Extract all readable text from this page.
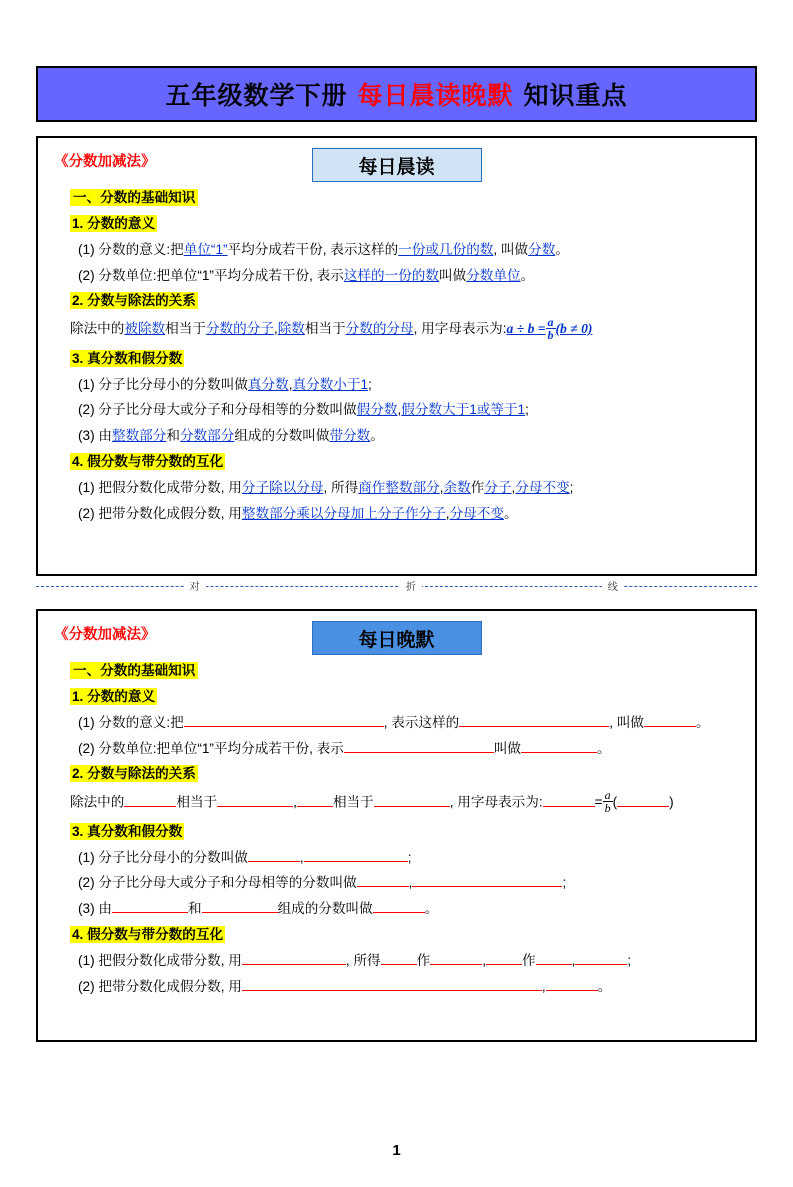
五年级数学下册 每日晨读晚默 知识重点
《分数加减法》	每日晨读
一、分数的基础知识
1. 分数的意义
(1) 分数的意义:把单位“1”平均分成若干份, 表示这样的一份或几份的数, 叫做分数。
(2) 分数单位:把单位“1”平均分成若干份, 表示这样的一份的数叫做分数单位。
2. 分数与除法的关系
除法中的被除数相当于分数的分子,除数相当于分数的分母, 用字母表示为:a ÷ $b = \frac{a}{b} (b \ne 0)$
3. 真分数和假分数
(1) 分子比分母小的分数叫做真分数,真分数小于1;
(2) 分子比分母大或分子和分母相等的分数叫做假分数,假分数大于1或等于1;
(3) 由整数部分和分数部分组成的分数叫做带分数。
4. 假分数与带分数的互化
(1) 把假分数化成带分数, 用分子除以分母, 所得商作整数部分,余数作分子,分母不变;
(2) 把带分数化成假分数, 用整数部分乘以分母加上分子作分子,分母不变。
对	折	线
《分数加减法》	每日晚默
一、分数的基础知识
1. 分数的意义
(1) 分数的意义:把	, 表示这样的	, 叫做	。
(2) 分数单位:把单位“1”平均分成若干份, 表示	叫做	。
2. 分数与除法的关系
除法中的	相当于	,	相当于	, 用字母表示为:	= $\frac{a}{b}$ (	)
3. 真分数和假分数
(1) 分子比分母小的分数叫做	,	;
(2) 分子比分母大或分子和分母相等的分数叫做	,	;
(3) 由	和	组成的分数叫做	。
4. 假分数与带分数的互化
(1) 把假分数化成带分数, 用	, 所得	作	,	作	,	;
(2) 把带分数化成假分数, 用	,	。
1
